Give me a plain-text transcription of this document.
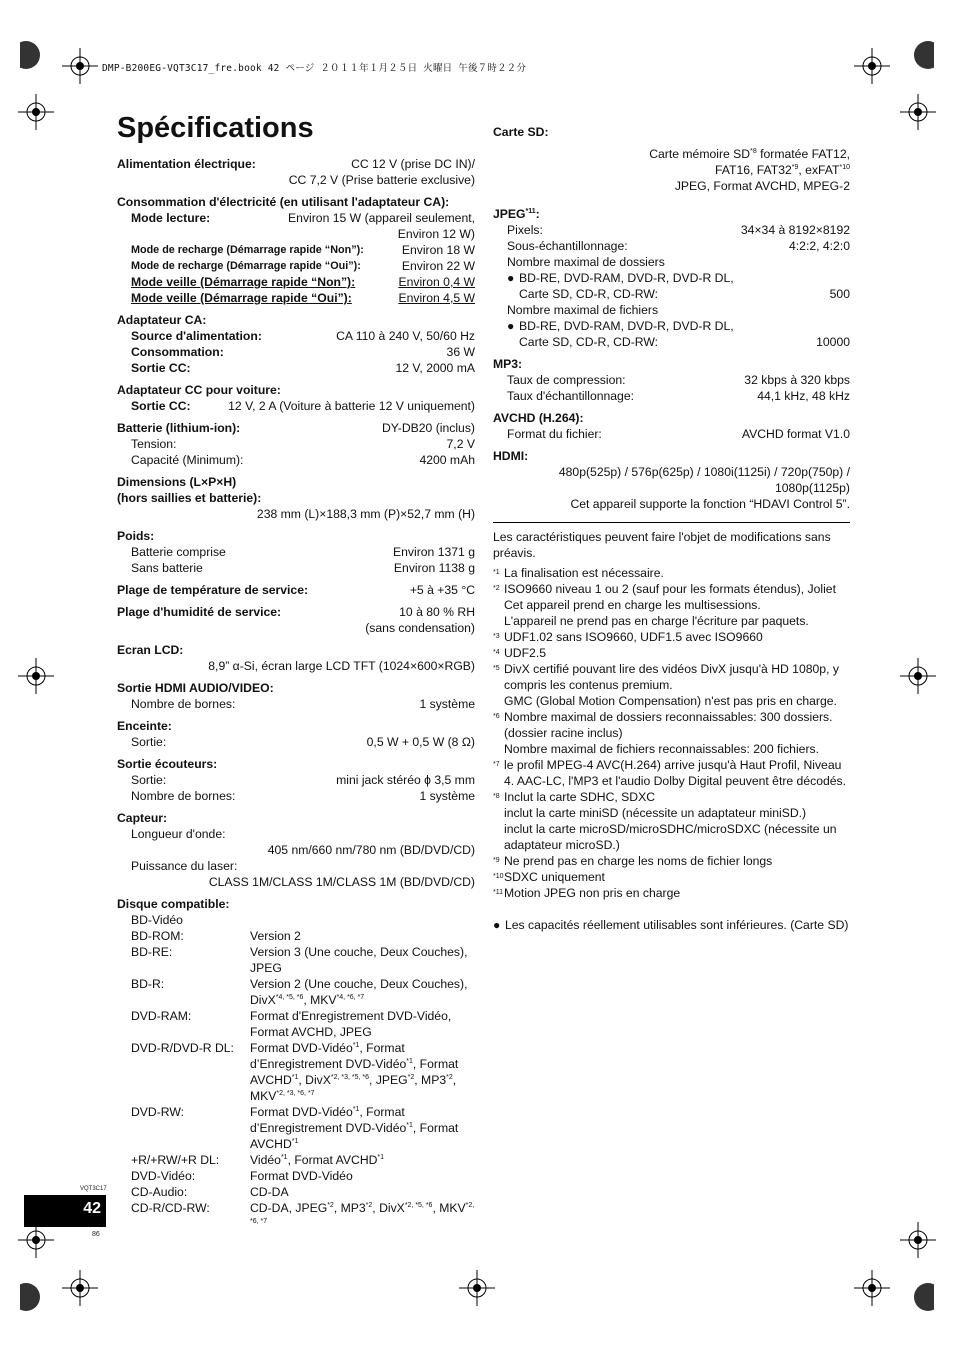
DMP-B200EG-VQT3C17_fre.book 42 ページ ２０１１年１月２５日 火曜日 午後７時２２分
Spécifications
Alimentation électrique:	CC 12 V (prise DC IN)/
CC 7,2 V (Prise batterie exclusive)
Consommation d'électricité (en utilisant l'adaptateur CA):
Mode lecture:	Environ 15 W (appareil seulement,
Environ 12 W)
Mode de recharge (Démarrage rapide “Non”):	Environ 18 W
Mode de recharge (Démarrage rapide “Oui”):	Environ 22 W
Mode veille (Démarrage rapide “Non”):	Environ 0,4 W
Mode veille (Démarrage rapide “Oui”):	Environ 4,5 W
Adaptateur CA:
Source d'alimentation:	CA 110 à 240 V, 50/60 Hz
Consommation:	36 W
Sortie CC:	12 V, 2000 mA
Adaptateur CC pour voiture:
Sortie CC:	12 V, 2 A (Voiture à batterie 12 V uniquement)
Batterie (lithium-ion):	DY-DB20 (inclus)
Tension:	7,2 V
Capacité (Minimum):	4200 mAh
Dimensions (L×P×H)
(hors saillies et batterie):
238 mm (L)×188,3 mm (P)×52,7 mm (H)
Poids:
Batterie comprise	Environ 1371 g
Sans batterie	Environ 1138 g
Plage de température de service:	+5 à +35 °C
Plage d'humidité de service:	10 à 80 % RH
(sans condensation)
Ecran LCD:
8,9” α-Si, écran large LCD TFT (1024×600×RGB)
Sortie HDMI AUDIO/VIDEO:
Nombre de bornes:	1 système
Enceinte:
Sortie:	0,5 W + 0,5 W (8 Ω)
Sortie écouteurs:
Sortie:	mini jack stéréo ϕ 3,5 mm
Nombre de bornes:	1 système
Capteur:
Longueur d'onde:
405 nm/660 nm/780 nm (BD/DVD/CD)
Puissance du laser:
CLASS 1M/CLASS 1M/CLASS 1M (BD/DVD/CD)
Disque compatible:
BD-Vidéo
BD-ROM:	Version 2
BD-RE:	Version 3 (Une couche, Deux Couches), JPEG
BD-R:	Version 2 (Une couche, Deux Couches), DivX$^{*4, *5, *6}$, $MKV^{*4, *6, *7}$
DVD-RAM:	Format d'Enregistrement DVD-Vidéo, Format AVCHD, JPEG
DVD-R/DVD-R DL:	Format DVD-Vidéo$^{*1}$, Format d’Enregistrement DVD-Vidéo$^{*1}$, Format AVCHD$^{*1}$, DivX$^{*2, *3, *5, *6}$, JPEG$^{*2}$, MP3$^{*2}$, $MKV^{*2, *3, *6, *7}$
DVD-RW:	Format DVD-Vidéo$^{*1}$, Format d’Enregistrement DVD-Vidéo$^{*1}$, Format $AVCHD^{*1}$
+R/+RW/+R DL:	Vidéo$^{*1}$, Format AVCHD$^{*1}$
DVD-Vidéo:	Format DVD-Vidéo
CD-Audio:	CD-DA
CD-R/CD-RW:	CD-DA, JPEG$^{*2}$, MP3$^{*2}$, DivX$^{*2, *5, *6}$, $MKV^{*2, *6, *7}$
Carte SD:
Carte mémoire SD$^{*8}$ formatée FAT12,
FAT16, FAT32$^{*9}$, exFAT$^{*10}$
JPEG, Format AVCHD, MPEG-2
JPEG$^{*11}$:
Pixels:	34×34 à 8192×8192
Sous-échantillonnage:	4:2:2, 4:2:0
Nombre maximal de dossiers
● BD-RE, DVD-RAM, DVD-R, DVD-R DL,
Carte SD, CD-R, CD-RW:	500
Nombre maximal de fichiers
● BD-RE, DVD-RAM, DVD-R, DVD-R DL,
Carte SD, CD-R, CD-RW:	10000
MP3:
Taux de compression:	32 kbps à 320 kbps
Taux d'échantillonnage:	44,1 kHz, 48 kHz
AVCHD (H.264):
Format du fichier:	AVCHD format V1.0
HDMI:
480p(525p) / 576p(625p) / 1080i(1125i) / 720p(750p) /
1080p(1125p)
Cet appareil supporte la fonction “HDAVI Control 5”.
Les caractéristiques peuvent faire l'objet de modifications sans préavis.
*1 La finalisation est nécessaire.
*2 ISO9660 niveau 1 ou 2 (sauf pour les formats étendus), Joliet
Cet appareil prend en charge les multisessions.
L'appareil ne prend pas en charge l'écriture par paquets.
*3 UDF1.02 sans ISO9660, UDF1.5 avec ISO9660
*4 UDF2.5
*5 DivX certifié pouvant lire des vidéos DivX jusqu'à HD 1080p, y compris les contenus premium.
GMC (Global Motion Compensation) n'est pas pris en charge.
*6 Nombre maximal de dossiers reconnaissables: 300 dossiers. (dossier racine inclus)
Nombre maximal de fichiers reconnaissables: 200 fichiers.
*7 le profil MPEG-4 AVC(H.264) arrive jusqu'à Haut Profil, Niveau 4. AAC-LC, l'MP3 et l'audio Dolby Digital peuvent être décodés.
*8 Inclut la carte SDHC, SDXC
inclut la carte miniSD (nécessite un adaptateur miniSD.)
inclut la carte microSD/microSDHC/microSDXC (nécessite un adaptateur microSD.)
*9 Ne prend pas en charge les noms de fichier longs
*10 SDXC uniquement
*11 Motion JPEG non pris en charge
● Les capacités réellement utilisables sont inférieures. (Carte SD)
VQT3C17
42
86
